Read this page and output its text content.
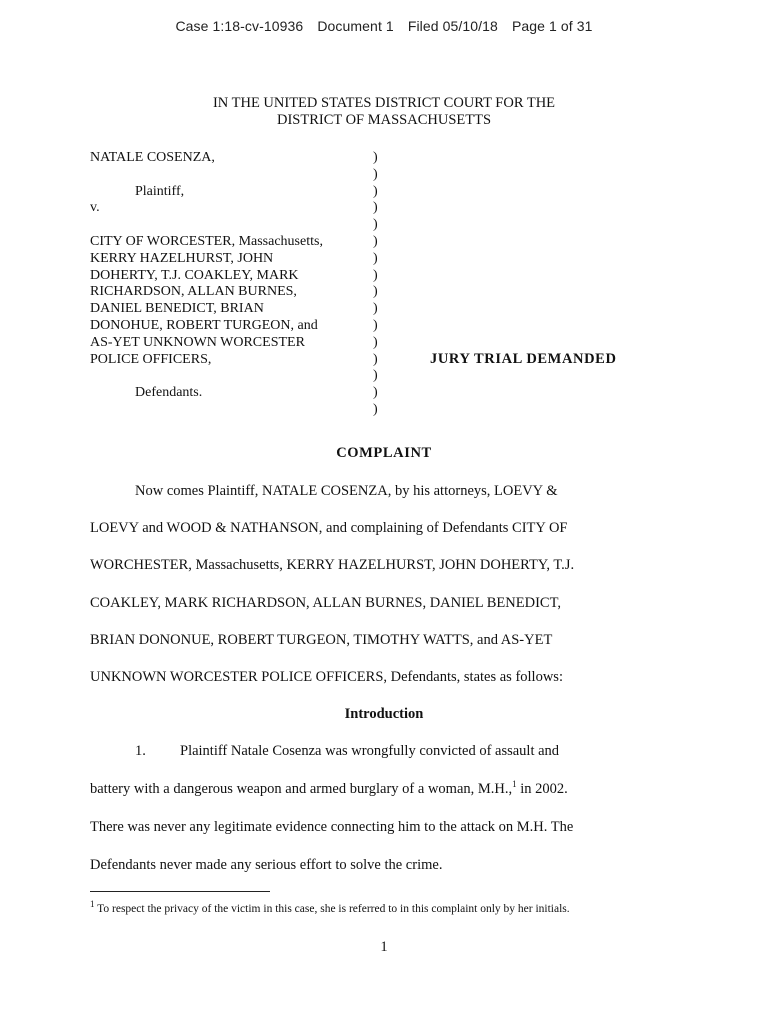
Case 1:18-cv-10936 Document 1 Filed 05/10/18 Page 1 of 31
IN THE UNITED STATES DISTRICT COURT FOR THE
DISTRICT OF MASSACHUSETTS
NATALE COSENZA,
Plaintiff,
v.
CITY OF WORCESTER, Massachusetts,
KERRY HAZELHURST, JOHN
DOHERTY, T.J. COAKLEY, MARK
RICHARDSON, ALLAN BURNES,
DANIEL BENEDICT, BRIAN
DONOHUE, ROBERT TURGEON, and
AS-YET UNKNOWN WORCESTER
POLICE OFFICERS,
Defendants.
)
)
)
)
)
)
)
)
)
)
)
)
)
)
)
)
JURY TRIAL DEMANDED
COMPLAINT
Now comes Plaintiff, NATALE COSENZA, by his attorneys, LOEVY &
LOEVY and WOOD & NATHANSON, and complaining of Defendants CITY OF
WORCHESTER, Massachusetts, KERRY HAZELHURST, JOHN DOHERTY, T.J.
COAKLEY, MARK RICHARDSON, ALLAN BURNES, DANIEL BENEDICT,
BRIAN DONONUE, ROBERT TURGEON, TIMOTHY WATTS, and AS-YET
UNKNOWN WORCESTER POLICE OFFICERS, Defendants, states as follows:
Introduction
1. Plaintiff Natale Cosenza was wrongfully convicted of assault and
battery with a dangerous weapon and armed burglary of a woman, M.H.,$^1$ in 2002.
There was never any legitimate evidence connecting him to the attack on M.H. The
Defendants never made any serious effort to solve the crime.
$^1$ To respect the privacy of the victim in this case, she is referred to in this complaint only by her initials.
1
